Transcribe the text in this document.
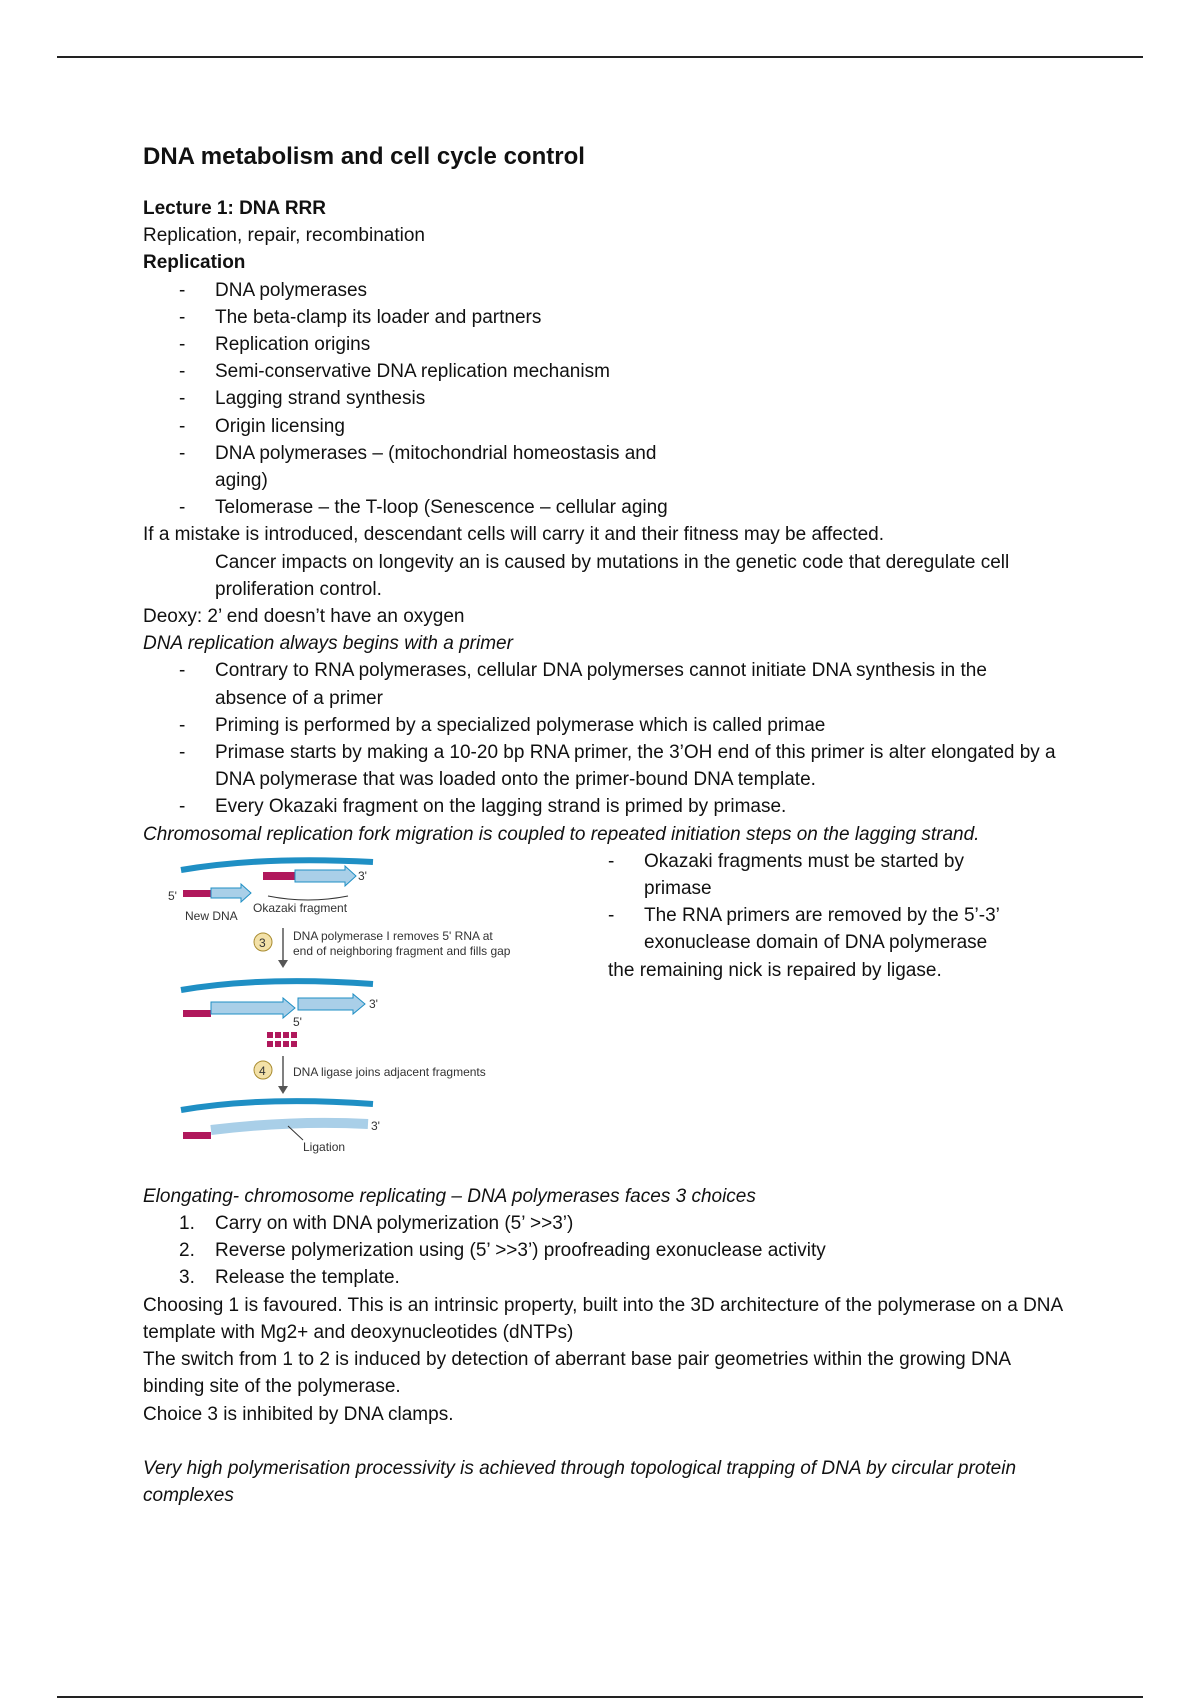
DNA metabolism and cell cycle control

Lecture 1: DNA RRR

Replication, repair, recombination

Replication

- DNA polymerases
- The beta-clamp its loader and partners
- Replication origins
- Semi-conservative DNA replication mechanism
- Lagging strand synthesis
- Origin licensing
- DNA polymerases – (mitochondrial homeostasis and aging)
- Telomerase – the T-loop (Senescence – cellular aging

If a mistake is introduced, descendant cells will carry it and their fitness may be affected.

Cancer impacts on longevity an is caused by mutations in the genetic code that deregulate cell proliferation control.

Deoxy: 2’ end doesn’t have an oxygen

DNA replication always begins with a primer

- Contrary to RNA polymerases, cellular DNA polymerses cannot initiate DNA synthesis in the absence of a primer
- Priming is performed by a specialized polymerase which is called primae
- Primase starts by making a 10-20 bp RNA primer, the 3’OH end of this primer is alter elongated by a DNA polymerase that was loaded onto the primer-bound DNA template.
- Every Okazaki fragment on the lagging strand is primed by primase.

Chromosomal replication fork migration is coupled to repeated initiation steps on the lagging strand.

3'
5'
New DNA
Okazaki fragment
3 DNA polymerase I removes 5' RNA at
end of neighboring fragment and fills gap
3'
5'
4 DNA ligase joins adjacent fragments
3'
Ligation
- Okazaki fragments must be started by primase
- The RNA primers are removed by the 5’-3’ exonuclease domain of DNA polymerase

the remaining nick is repaired by ligase.

Elongating- chromosome replicating – DNA polymerases faces 3 choices

Carry on with DNA polymerization (5’ >>3’)
Reverse polymerization using (5’ >>3’) proofreading exonuclease activity
Release the template.

Choosing 1 is favoured. This is an intrinsic property, built into the 3D architecture of the polymerase on a DNA template with Mg2+ and deoxynucleotides (dNTPs)

The switch from 1 to 2 is induced by detection of aberrant base pair geometries within the growing DNA binding site of the polymerase.

Choice 3 is inhibited by DNA clamps.

Very high polymerisation processivity is achieved through topological trapping of DNA by circular protein complexes
